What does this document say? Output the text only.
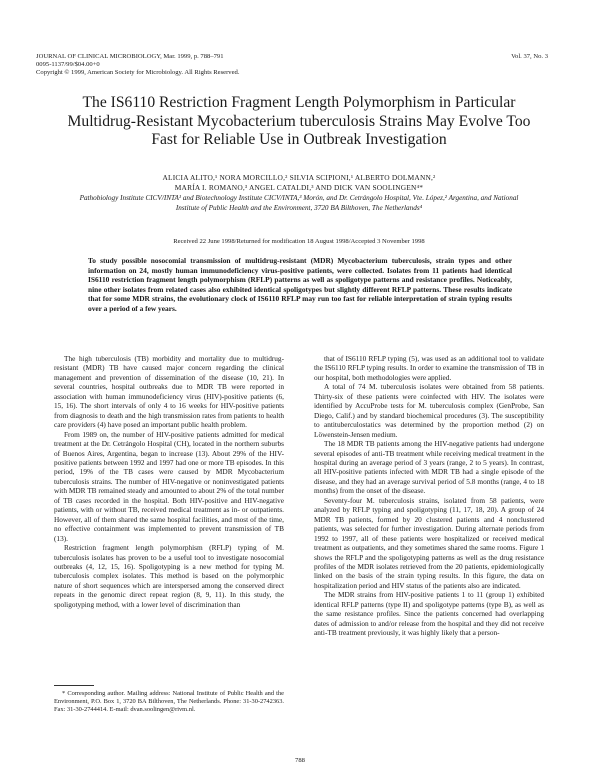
JOURNAL OF CLINICAL MICROBIOLOGY, Mar. 1999, p. 788–791
0095-1137/99/$04.00+0
Copyright © 1999, American Society for Microbiology. All Rights Reserved.
Vol. 37, No. 3
The IS6110 Restriction Fragment Length Polymorphism in Particular Multidrug-Resistant Mycobacterium tuberculosis Strains May Evolve Too Fast for Reliable Use in Outbreak Investigation
ALICIA ALITO,¹ NORA MORCILLO,² SILVIA SCIPIONI,¹ ALBERTO DOLMANN,²
MARÍA I. ROMANO,³ ANGEL CATALDI,³ AND DICK VAN SOOLINGEN⁴*
Pathobiology Institute CICV/INTA¹ and Biotechnology Institute CICV/INTA,³ Morón, and Dr. Cetrángolo Hospital, Vte. López,² Argentina, and National Institute of Public Health and the Environment, 3720 BA Bilthoven, The Netherlands⁴
Received 22 June 1998/Returned for modification 18 August 1998/Accepted 3 November 1998
To study possible nosocomial transmission of multidrug-resistant (MDR) Mycobacterium tuberculosis, strain types and other information on 24, mostly human immunodeficiency virus-positive patients, were collected. Isolates from 11 patients had identical IS6110 restriction fragment length polymorphism (RFLP) patterns as well as spoligotype patterns and resistance profiles. Noticeably, nine other isolates from related cases also exhibited identical spoligotypes but slightly different RFLP patterns. These results indicate that for some MDR strains, the evolutionary clock of IS6110 RFLP may run too fast for reliable interpretation of strain typing results over a period of a few years.

The high tuberculosis (TB) morbidity and mortality due to multidrug-resistant (MDR) TB have caused major concern regarding the clinical management and prevention of dissemination of the disease (10, 21). In several countries, hospital outbreaks due to MDR TB were reported in association with human immunodeficiency virus (HIV)-positive patients (6, 15, 16). The short intervals of only 4 to 16 weeks for HIV-positive patients from diagnosis to death and the high transmission rates from patients to health care providers (4) have posed an important public health problem.

From 1989 on, the number of HIV-positive patients admitted for medical treatment at the Dr. Cetrángolo Hospital (CH), located in the northern suburbs of Buenos Aires, Argentina, began to increase (13). About 29% of the HIV-positive patients between 1992 and 1997 had one or more TB episodes. In this period, 19% of the TB cases were caused by MDR Mycobacterium tuberculosis strains. The number of HIV-negative or noninvestigated patients with MDR TB remained steady and amounted to about 2% of the total number of TB cases recorded in the hospital. Both HIV-positive and HIV-negative patients, with or without TB, received medical treatment as in- or outpatients. However, all of them shared the same hospital facilities, and most of the time, no effective containment was implemented to prevent transmission of TB (13).

Restriction fragment length polymorphism (RFLP) typing of M. tuberculosis isolates has proven to be a useful tool to investigate nosocomial outbreaks (4, 12, 15, 16). Spoligotyping is a new method for typing M. tuberculosis complex isolates. This method is based on the polymorphic nature of short sequences which are interspersed among the conserved direct repeats in the genomic direct repeat region (8, 9, 11). In this study, the spoligotyping method, with a lower level of discrimination than

that of IS6110 RFLP typing (5), was used as an additional tool to validate the IS6110 RFLP typing results. In order to examine the transmission of TB in our hospital, both methodologies were applied.

A total of 74 M. tuberculosis isolates were obtained from 58 patients. Thirty-six of these patients were coinfected with HIV. The isolates were identified by AccuProbe tests for M. tuberculosis complex (GenProbe, San Diego, Calif.) and by standard biochemical procedures (3). The susceptibility to antituberculostatics was determined by the proportion method (2) on Löwenstein-Jensen medium.

The 18 MDR TB patients among the HIV-negative patients had undergone several episodes of anti-TB treatment while receiving medical treatment in the hospital during an average period of 3 years (range, 2 to 5 years). In contrast, all HIV-positive patients infected with MDR TB had a single episode of the disease, and they had an average survival period of 5.8 months (range, 4 to 18 months) from the onset of the disease.

Seventy-four M. tuberculosis strains, isolated from 58 patients, were analyzed by RFLP typing and spoligotyping (11, 17, 18, 20). A group of 24 MDR TB patients, formed by 20 clustered patients and 4 nonclustered patients, was selected for further investigation. During alternate periods from 1992 to 1997, all of these patients were hospitalized or received medical treatment as outpatients, and they sometimes shared the same rooms. Figure 1 shows the RFLP and the spoligotyping patterns as well as the drug resistance profiles of the MDR isolates retrieved from the 20 patients, epidemiologically linked on the basis of the strain typing results. In this figure, the data on hospitalization period and HIV status of the patients also are indicated.

The MDR strains from HIV-positive patients 1 to 11 (group 1) exhibited identical RFLP patterns (type II) and spoligotype patterns (type B), as well as the same resistance profiles. Since the patients concerned had overlapping dates of admission to and/or release from the hospital and they did not receive anti-TB treatment previously, it was highly likely that a person-

* Corresponding author. Mailing address: National Institute of Public Health and the Environment, P.O. Box 1, 3720 BA Bilthoven, The Netherlands. Phone: 31-30-2742363. Fax: 31-30-2744414. E-mail: dvan.soolingen@rivm.nl.
788
